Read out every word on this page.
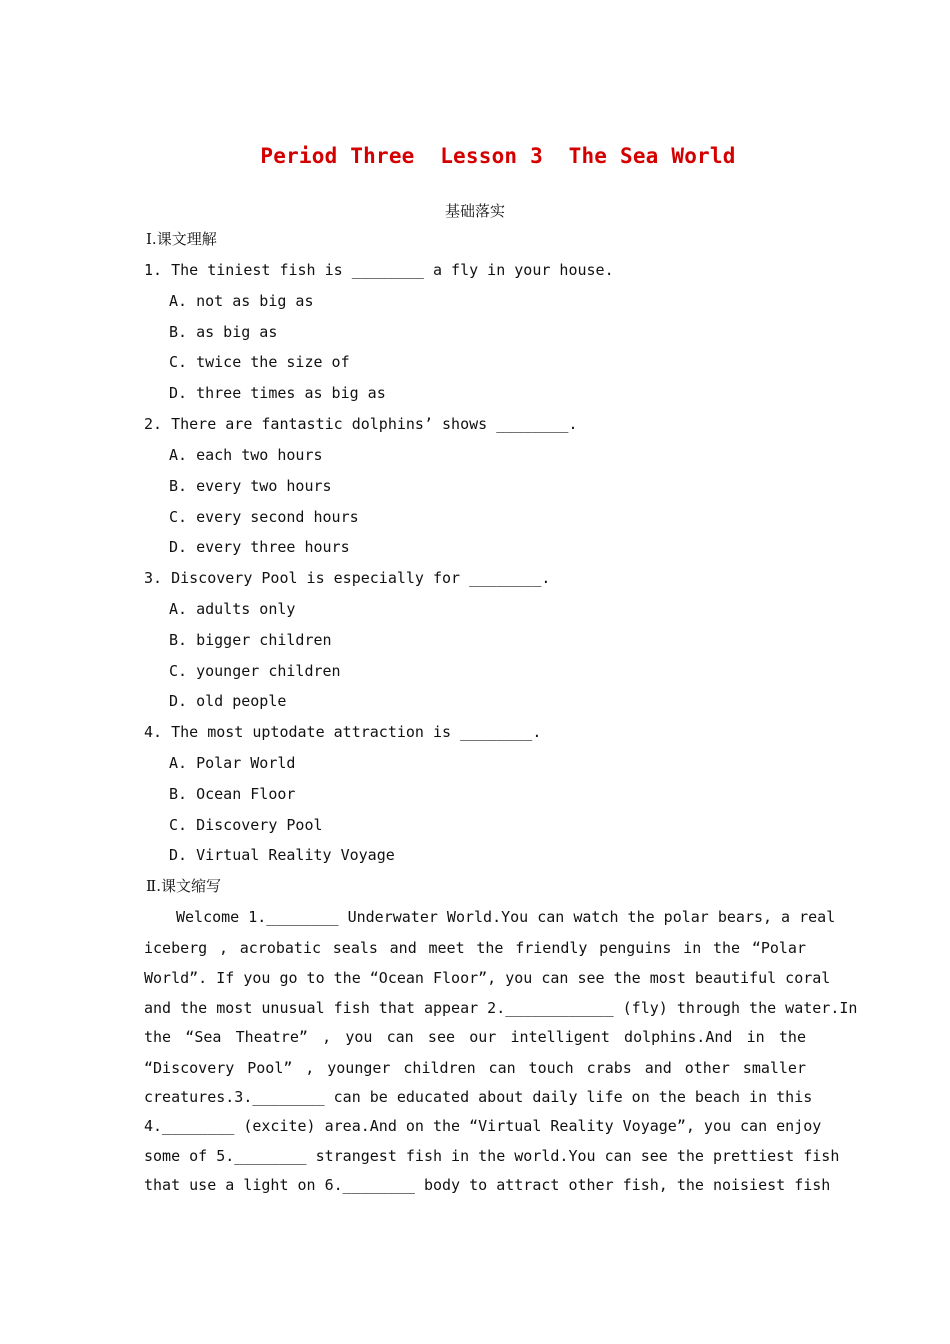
Period Three  Lesson 3  The Sea World
基础落实
Ⅰ.课文理解
1. The tiniest fish is ________ a fly in your house.
A. not as big as
B. as big as
C. twice the size of
D. three times as big as
2. There are fantastic dolphins’ shows ________.
A. each two hours
B. every two hours
C. every second hours
D. every three hours
3. Discovery Pool is especially for ________.
A. adults only
B. bigger children
C. younger children
D. old people
4. The most uptodate attraction is ________.
A. Polar World
B. Ocean Floor
C. Discovery Pool
D. Virtual Reality Voyage
Ⅱ.课文缩写
Welcome 1.________ Underwater World.You can watch the polar bears, a real
iceberg , acrobatic seals and meet the friendly penguins in the “Polar
World”. If you go to the “Ocean Floor”, you can see the most beautiful coral
and the most unusual fish that appear 2.____________ (fly) through the water.In
the “Sea Theatre” , you can see our intelligent dolphins.And in the
“Discovery Pool” , younger children can touch crabs and other smaller
creatures.3.________ can be educated about daily life on the beach in this
4.________ (excite) area.And on the “Virtual Reality Voyage”, you can enjoy
some of 5.________ strangest fish in the world.You can see the prettiest fish
that use a light on 6.________ body to attract other fish, the noisiest fish
